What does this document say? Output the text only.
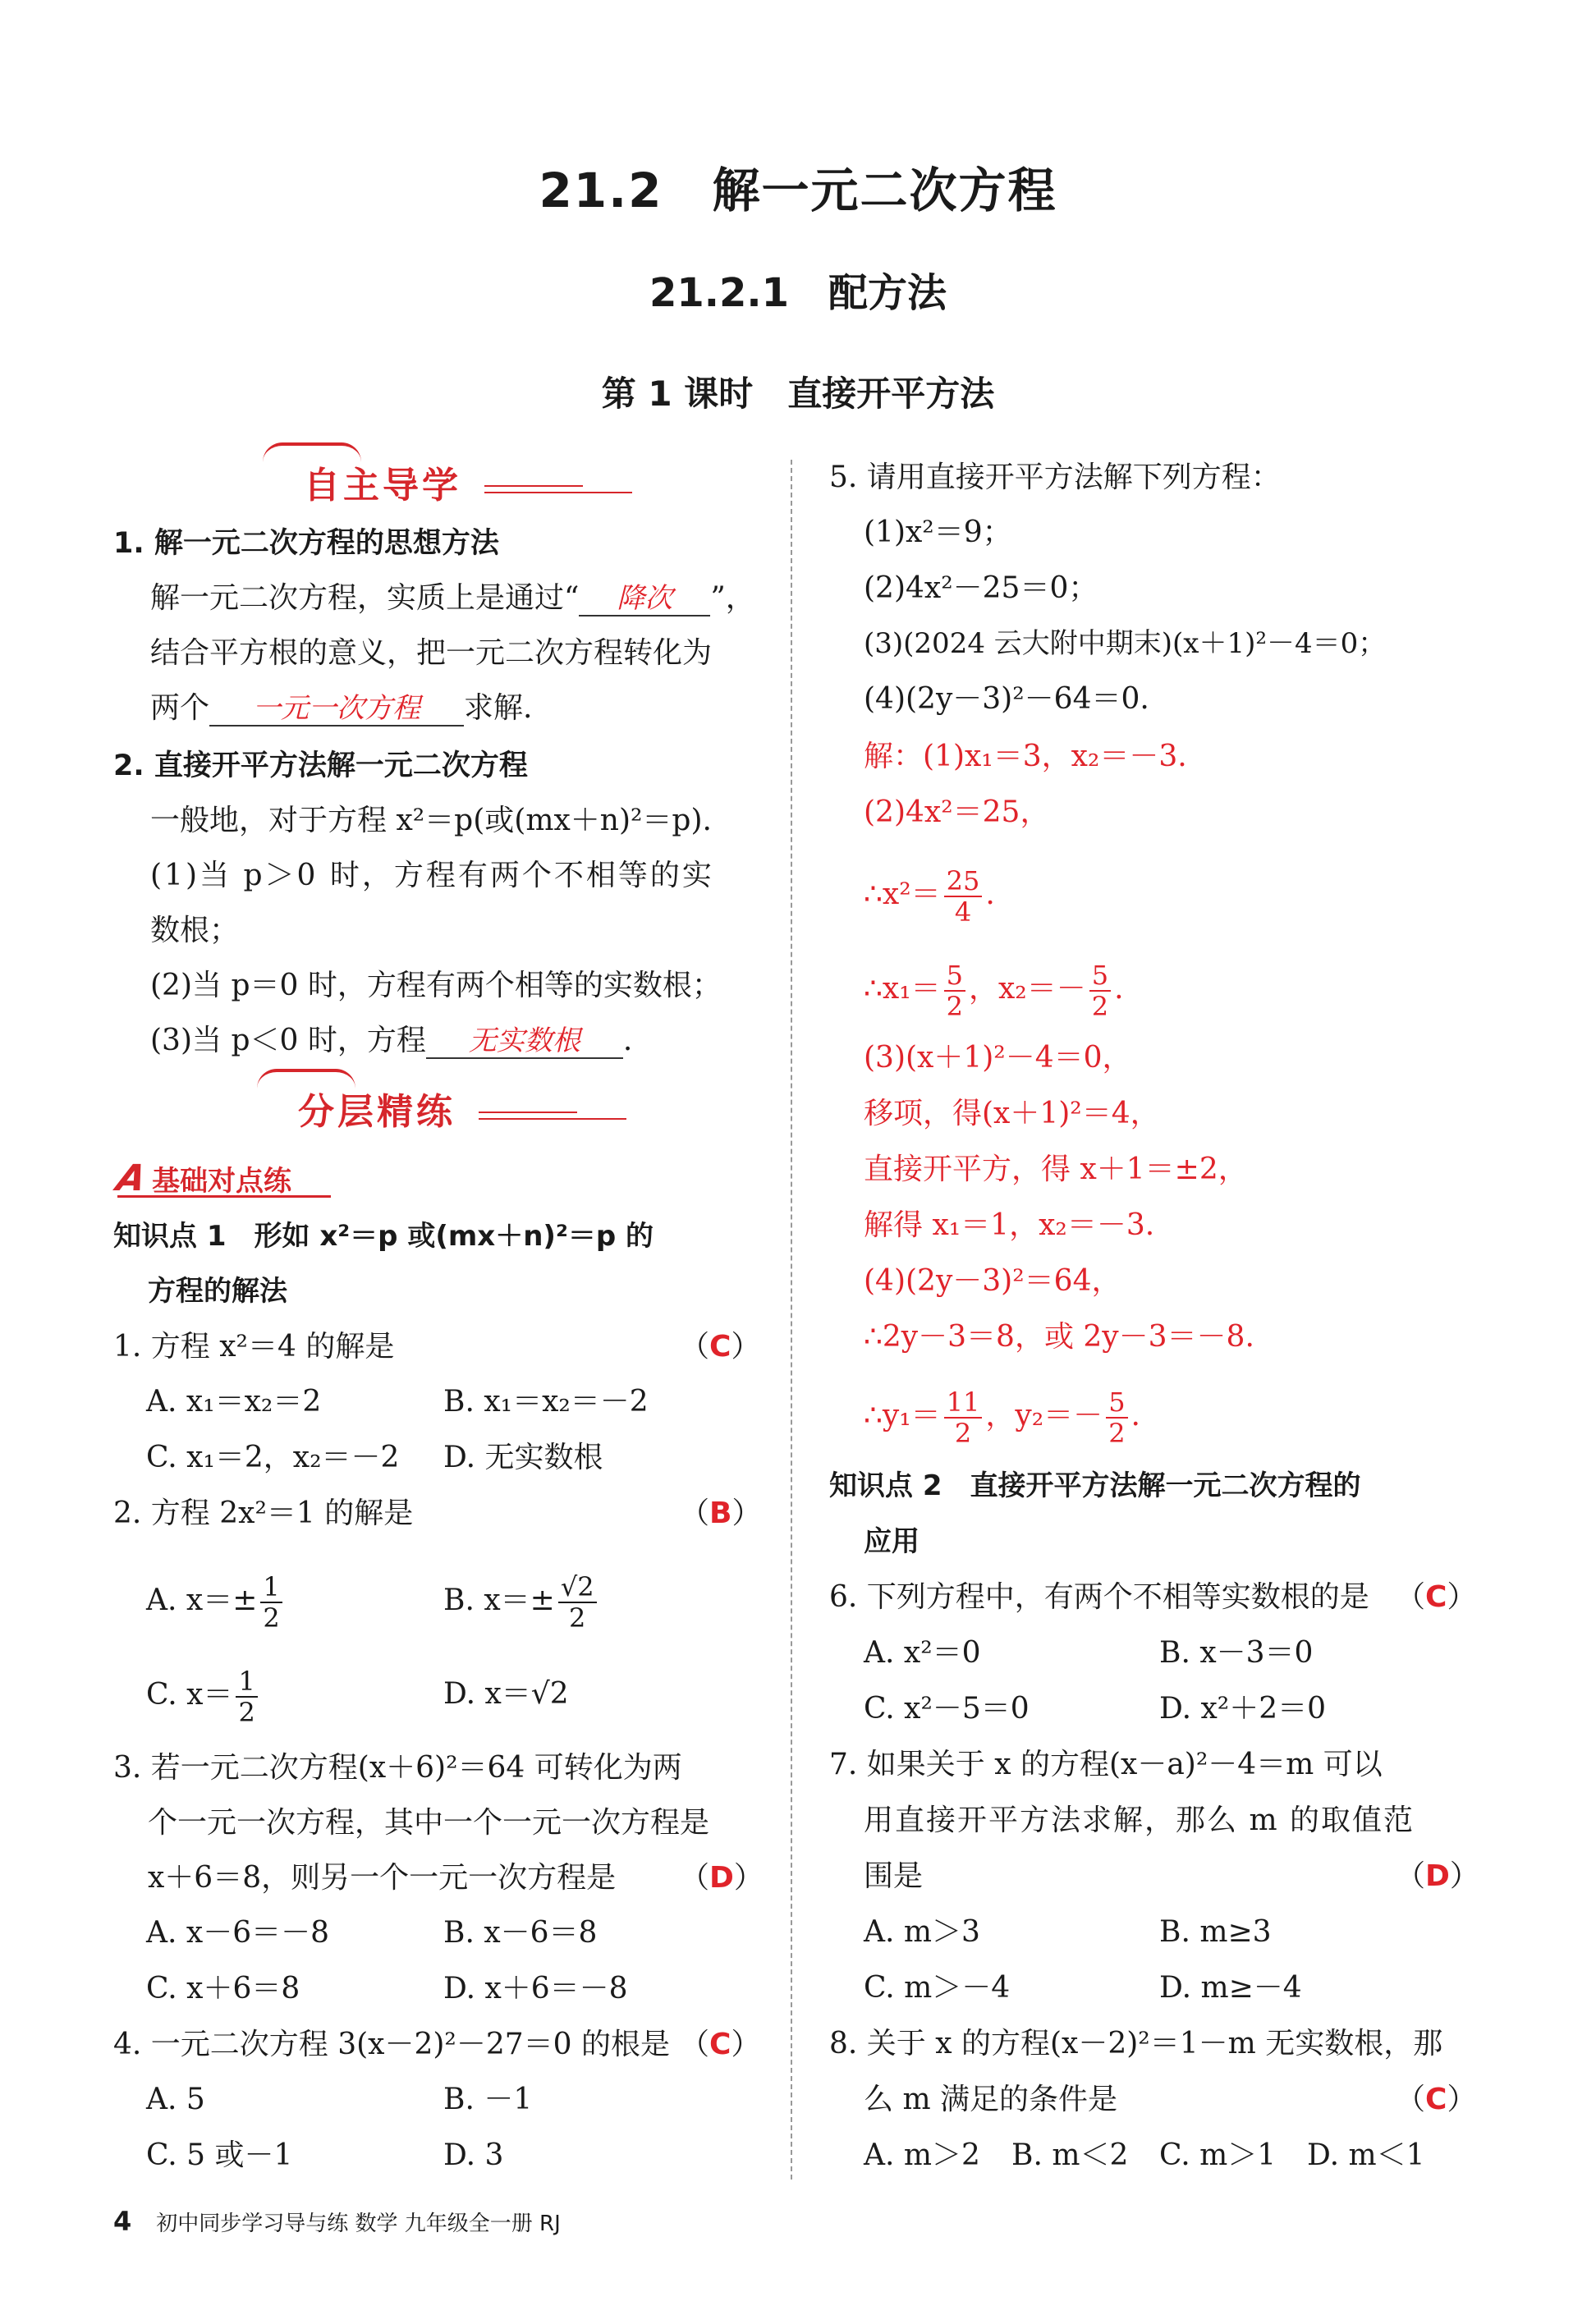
21.2　解一元二次方程
21.2.1　配方法
第 1 课时　直接开平方法
自主导学
1. 解一元二次方程的思想方法
解一元二次方程，实质上是通过“ 降次 ”，
结合平方根的意义，把一元二次方程转化为
两个 一元一次方程 求解.
2. 直接开平方法解一元二次方程
一般地，对于方程 x²＝p(或(mx＋n)²＝p).
(1)当 p＞0 时，方程有两个不相等的实
数根；
(2)当 p＝0 时，方程有两个相等的实数根；
(3)当 p＜0 时，方程 无实数根 .
分层精练
A基础对点练
知识点 1　形如 x²＝p 或(mx＋n)²＝p 的
方程的解法
1. 方程 x²＝4 的解是	（C）
A. x₁＝x₂＝2	B. x₁＝x₂＝－2
C. x₁＝2，x₂＝－2 D. 无实数根
2. 方程 2x²＝1 的解是	（B）
A. $x=\pm \frac{1}{2}$	B. $x=\pm \frac{√2}{2}$
C. $x= \frac{1}{2}$	D. x＝√2
3. 若一元二次方程(x＋6)²＝64 可转化为两
个一元一次方程，其中一个一元一次方程是
x＋6＝8，则另一个一元一次方程是 （D）
A. x－6＝－8	B. x－6＝8
C. x＋6＝8	D. x＋6＝－8
4. 一元二次方程 3(x－2)²－27＝0 的根是 （C）
A. 5	B. －1
C. 5 或－1	D. 3
5. 请用直接开平方法解下列方程：
(1)x²＝9；
(2)4x²－25＝0；
(3)(2024 云大附中期末)(x＋1)²－4＝0；
(4)(2y－3)²－64＝0.
解：(1)x₁＝3，x₂＝－3.
(2)4x²＝25，
∴x²＝ $\frac{25}{4}$ .
∴x₁＝ $\frac{5}{2}$ ，$x_2=- \frac{5}{2}$ .
(3)(x＋1)²－4＝0，
移项，得(x＋1)²＝4，
直接开平方，得 x＋1＝±2，
解得 x₁＝1，x₂＝－3.
(4)(2y－3)²＝64，
∴2y－3＝8，或 2y－3＝－8.
∴y₁＝ $\frac{11}{2}$ ，$y_2=- \frac{5}{2}$ .
知识点 2　直接开平方法解一元二次方程的
应用
6. 下列方程中，有两个不相等实数根的是 （C）
A. x²＝0	B. x－3＝0
C. x²－5＝0	D. x²＋2＝0
7. 如果关于 x 的方程(x－a)²－4＝m 可以
用直接开平方法求解，那么 m 的取值范
围是	（D）
A. m＞3	B. m≥3
C. m＞－4	D. m≥－4
8. 关于 x 的方程(x－2)²＝1－m 无实数根，那
么 m 满足的条件是	（C）
A. m＞2 B. m＜2 C. m＞1 D. m＜1
4 初中同步学习导与练 数学 九年级全一册 RJ
